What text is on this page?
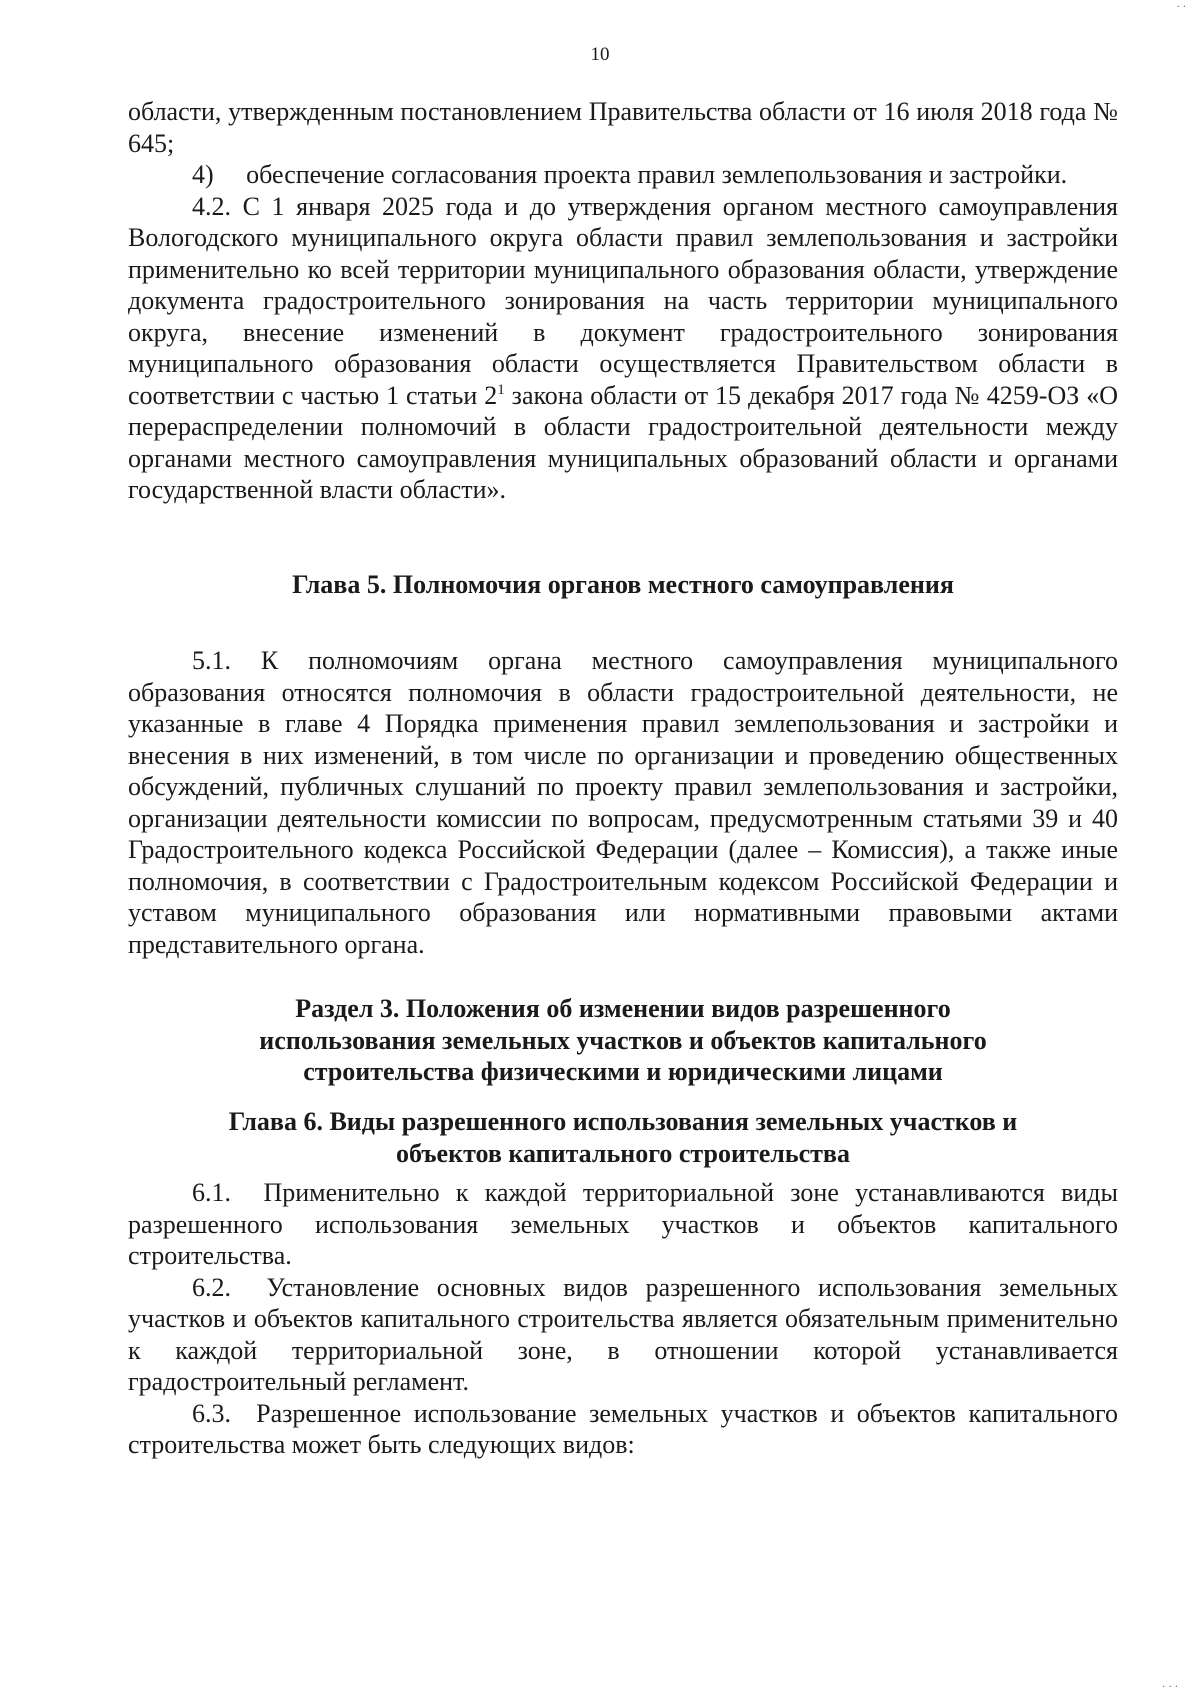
10

области, утвержденным постановлением Правительства области от 16 июля 2018 года № 645;

4)     обеспечение согласования проекта правил землепользования и застройки.

4.2. С 1 января 2025 года и до утверждения органом местного самоуправления Вологодского муниципального округа области правил землепользования и застройки применительно ко всей территории муниципального образования области, утверждение документа градостроительного зонирования на часть территории муниципального округа, внесение изменений в документ градостроительного зонирования муниципального образования области осуществляется Правительством области в соответствии с частью 1 статьи $2^1$ закона области от 15 декабря 2017 года № 4259-ОЗ «О перераспределении полномочий в области градостроительной деятельности между органами местного самоуправления муниципальных образований области и органами государственной власти области».

Глава 5. Полномочия органов местного самоуправления

5.1. К полномочиям органа местного самоуправления муниципального образования относятся полномочия в области градостроительной деятельности, не указанные в главе 4 Порядка применения правил землепользования и застройки и внесения в них изменений, в том числе по организации и проведению общественных обсуждений, публичных слушаний по проекту правил землепользования и застройки, организации деятельности комиссии по вопросам, предусмотренным статьями 39 и 40 Градостроительного кодекса Российской Федерации (далее – Комиссия), а также иные полномочия, в соответствии с Градостроительным кодексом Российской Федерации и уставом муниципального образования или нормативными правовыми актами представительного органа.

Раздел 3. Положения об изменении видов разрешенного

использования земельных участков и объектов капитального

строительства физическими и юридическими лицами

Глава 6. Виды разрешенного использования земельных участков и

объектов капитального строительства

6.1.  Применительно к каждой территориальной зоне устанавливаются виды разрешенного использования земельных участков и объектов капитального строительства.

6.2.  Установление основных видов разрешенного использования земельных участков и объектов капитального строительства является обязательным применительно к каждой территориальной зоне, в отношении которой устанавливается градостроительный регламент.

6.3.  Разрешенное использование земельных участков и объектов капитального строительства может быть следующих видов:

· ·
· · ·
